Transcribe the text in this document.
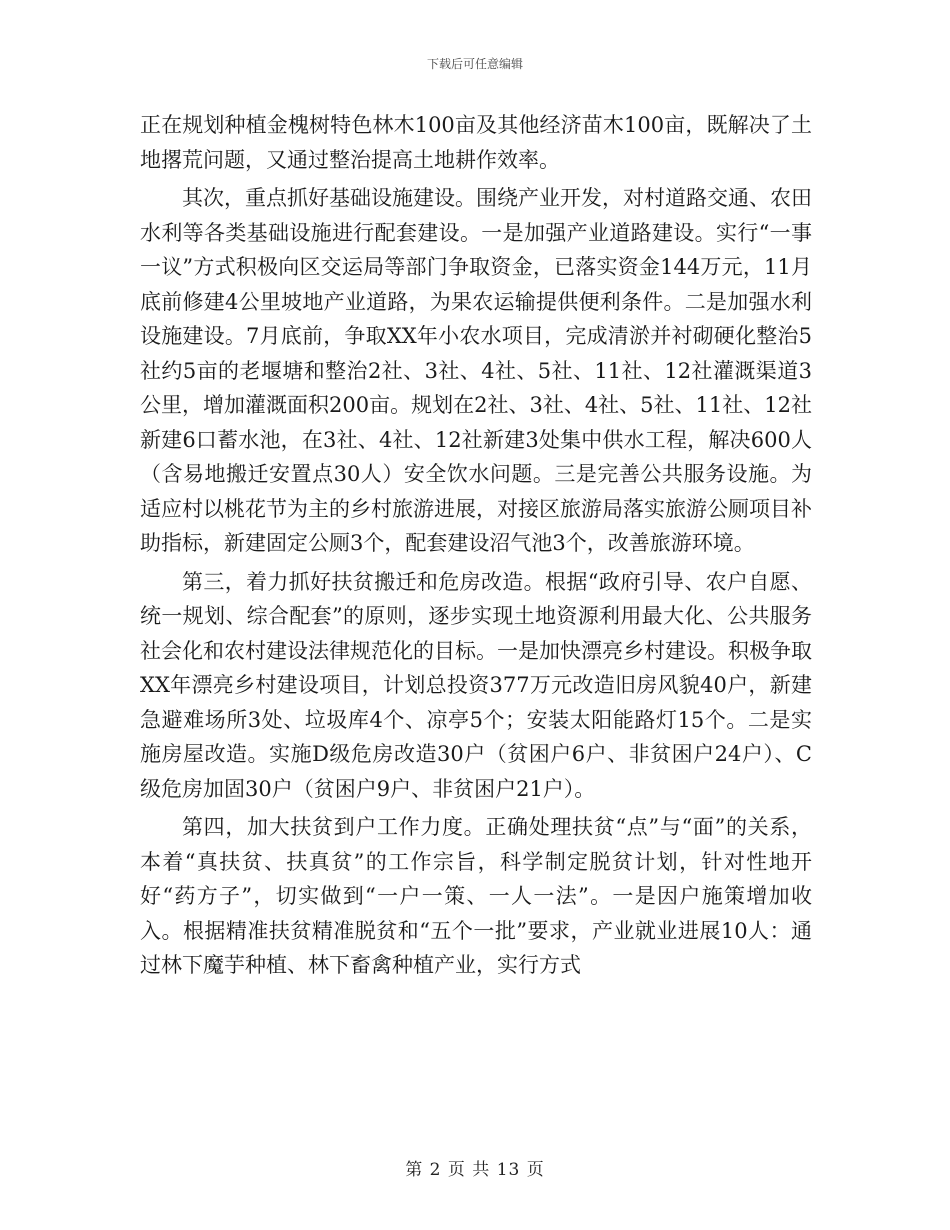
下载后可任意编辑

正在规划种植金槐树特色林木100亩及其他经济苗木100亩，既解决了土地撂荒问题，又通过整治提高土地耕作效率。

其次，重点抓好基础设施建设。围绕产业开发，对村道路交通、农田水利等各类基础设施进行配套建设。一是加强产业道路建设。实行“一事一议”方式积极向区交运局等部门争取资金，已落实资金144万元，11月底前修建4公里坡地产业道路，为果农运输提供便利条件。二是加强水利设施建设。7月底前，争取XX年小农水项目，完成清淤并衬砌硬化整治5社约5亩的老堰塘和整治2社、3社、4社、5社、11社、12社灌溉渠道3公里，增加灌溉面积200亩。规划在2社、3社、4社、5社、11社、12社新建6口蓄水池，在3社、4社、12社新建3处集中供水工程，解决600人（含易地搬迁安置点30人）安全饮水问题。三是完善公共服务设施。为适应村以桃花节为主的乡村旅游进展，对接区旅游局落实旅游公厕项目补助指标，新建固定公厕3个，配套建设沼气池3个，改善旅游环境。

第三，着力抓好扶贫搬迁和危房改造。根据“政府引导、农户自愿、统一规划、综合配套”的原则，逐步实现土地资源利用最大化、公共服务社会化和农村建设法律规范化的目标。一是加快漂亮乡村建设。积极争取XX年漂亮乡村建设项目，计划总投资377万元改造旧房风貌40户，新建急避难场所3处、垃圾库4个、凉亭5个；安装太阳能路灯15个。二是实施房屋改造。实施D级危房改造30户（贫困户6户、非贫困户24户）、C级危房加固30户（贫困户9户、非贫困户21户）。

第四，加大扶贫到户工作力度。正确处理扶贫“点”与“面”的关系，本着“真扶贫、扶真贫”的工作宗旨，科学制定脱贫计划，针对性地开好“药方子”，切实做到“一户一策、一人一法”。一是因户施策增加收入。根据精准扶贫精准脱贫和“五个一批”要求，产业就业进展10人：通过林下魔芋种植、林下畜禽种植产业，实行方式

第 2 页 共 13 页
